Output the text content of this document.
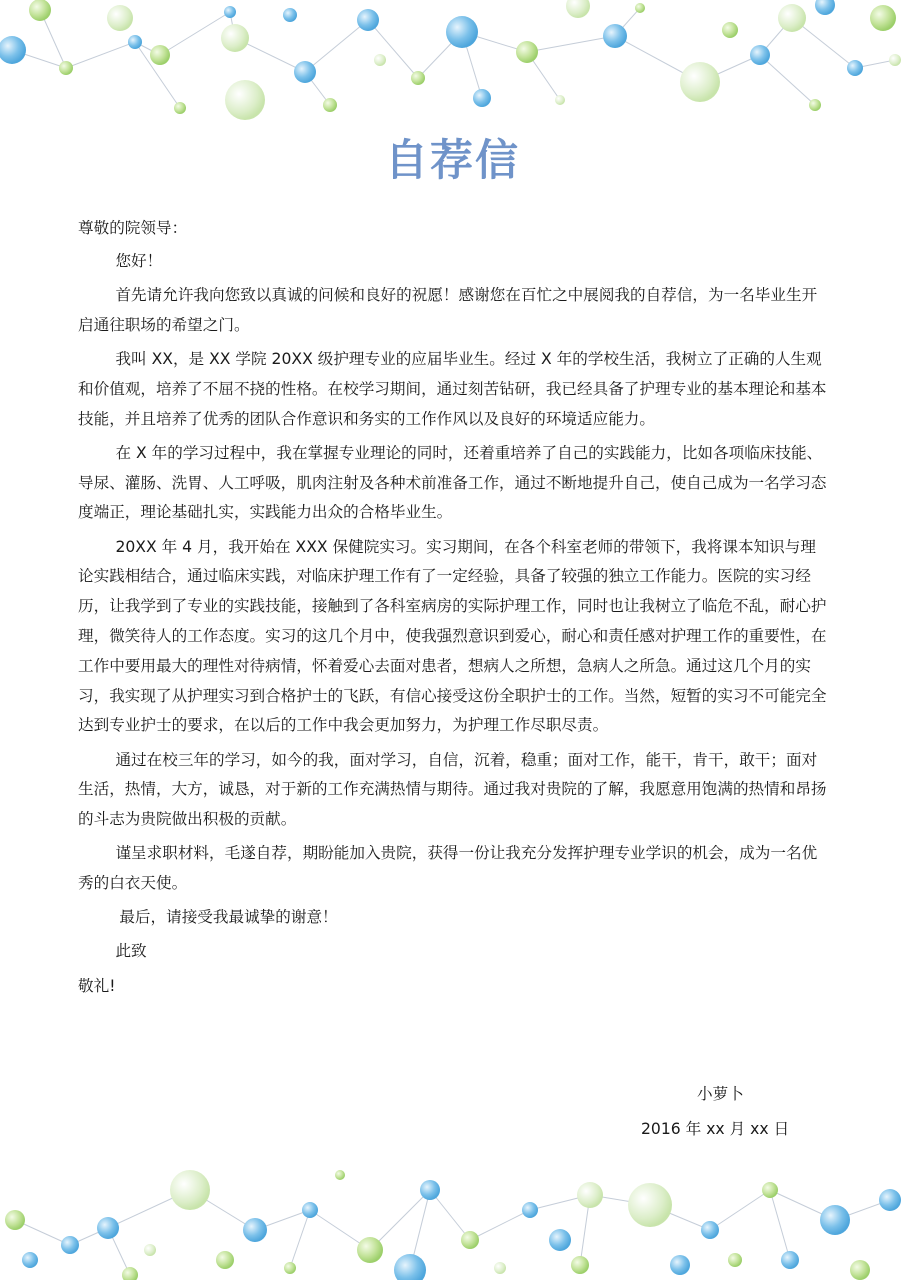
自荐信

尊敬的院领导：

您好！

首先请允许我向您致以真诚的问候和良好的祝愿！感谢您在百忙之中展阅我的自荐信，为一名毕业生开启通往职场的希望之门。

我叫 XX，是 XX 学院 20XX 级护理专业的应届毕业生。经过 X 年的学校生活，我树立了正确的人生观和价值观，培养了不屈不挠的性格。在校学习期间，通过刻苦钻研，我已经具备了护理专业的基本理论和基本技能，并且培养了优秀的团队合作意识和务实的工作作风以及良好的环境适应能力。

在 X 年的学习过程中，我在掌握专业理论的同时，还着重培养了自己的实践能力，比如各项临床技能、导尿、灌肠、洗胃、人工呼吸，肌肉注射及各种术前准备工作，通过不断地提升自己，使自己成为一名学习态度端正，理论基础扎实，实践能力出众的合格毕业生。

20XX 年 4 月，我开始在 XXX 保健院实习。实习期间，在各个科室老师的带领下，我将课本知识与理论实践相结合，通过临床实践，对临床护理工作有了一定经验，具备了较强的独立工作能力。医院的实习经历，让我学到了专业的实践技能，接触到了各科室病房的实际护理工作，同时也让我树立了临危不乱，耐心护理，微笑待人的工作态度。实习的这几个月中，使我强烈意识到爱心，耐心和责任感对护理工作的重要性，在工作中要用最大的理性对待病情，怀着爱心去面对患者，想病人之所想，急病人之所急。通过这几个月的实习，我实现了从护理实习到合格护士的飞跃，有信心接受这份全职护士的工作。当然，短暂的实习不可能完全达到专业护士的要求，在以后的工作中我会更加努力，为护理工作尽职尽责。

通过在校三年的学习，如今的我，面对学习，自信，沉着，稳重；面对工作，能干，肯干，敢干；面对生活，热情，大方，诚恳，对于新的工作充满热情与期待。通过我对贵院的了解，我愿意用饱满的热情和昂扬的斗志为贵院做出积极的贡献。

谨呈求职材料，毛遂自荐，期盼能加入贵院，获得一份让我充分发挥护理专业学识的机会，成为一名优秀的白衣天使。

最后，请接受我最诚挚的谢意！

此致

敬礼!

小萝卜
2016 年 xx 月 xx 日
